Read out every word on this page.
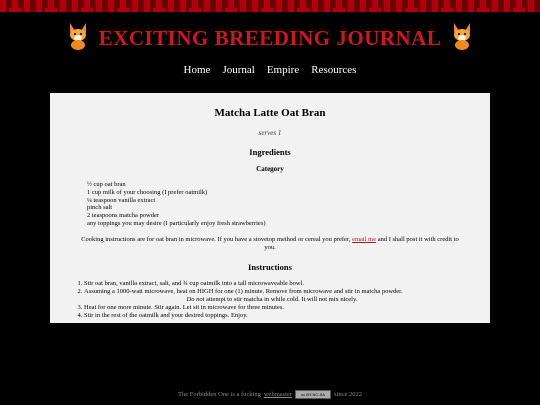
EXCITING BREEDING JOURNAL
Home Journal Empire Resources
Matcha Latte Oat Bran
serves 1
Ingredients
Category
½ cup oat bran
1 cup milk of your choosing (I prefer oatmilk)
¼ teaspoon vanilla extract
pinch salt
2 teaspoons matcha powder
any toppings you may desire (I particularly enjoy fresh strawberries)
Cooking instructions are for oat bran in microwave. If you have a stovetop method or cereal you prefer, email me and I shall post it with credit to you.
Instructions
1. Stir oat bran, vanilla extract, salt, and ¾ cup oatmilk into a tall microwaveable bowl.
2. Assuming a 1000-watt microwave, heat on HIGH for one (1) minute. Remove from microwave and stir in matcha powder.
Do not attempt to stir matcha in while cold. It will not mix nicely.
3. Heat for one more minute. Stir again. Let sit in microwave for three minutes.
4. Stir in the rest of the oatmilk and your desired toppings. Enjoy.
The Forbidden One is a fucking webmaster	cc BY-NC-SA	since 2022
